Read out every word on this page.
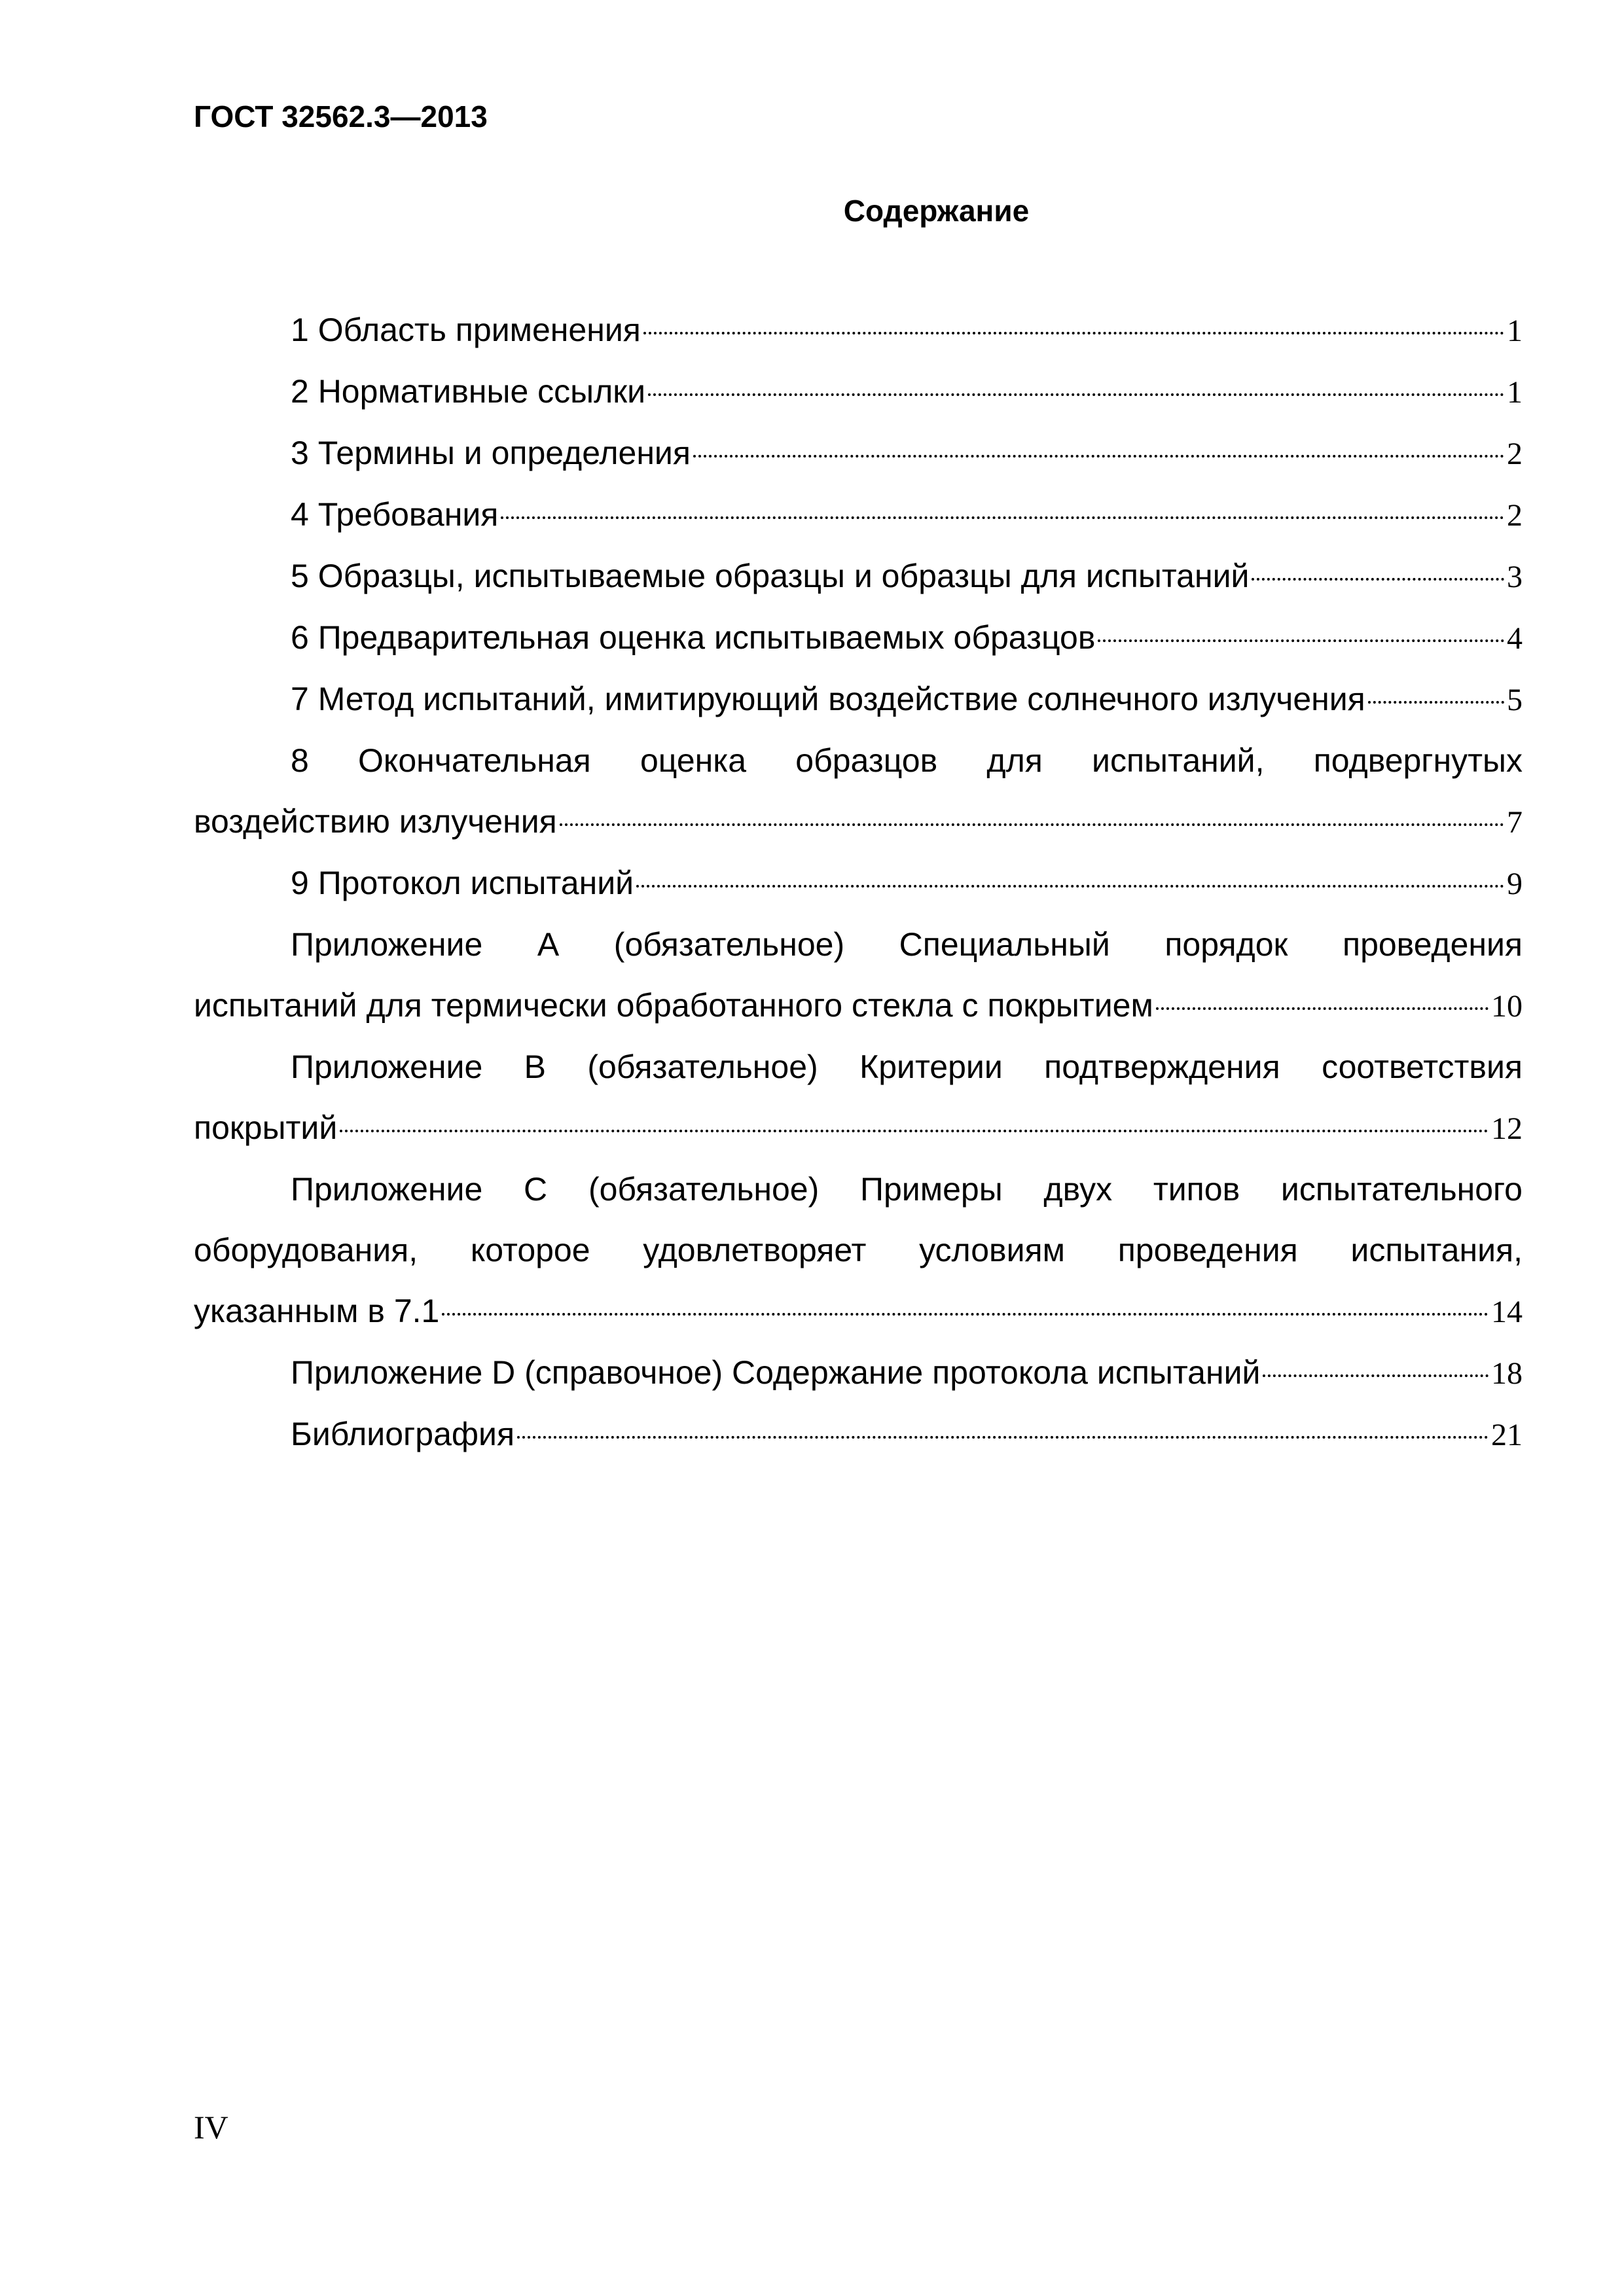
ГОСТ 32562.3—2013
Содержание
1 Область применения	1
2 Нормативные ссылки	1
3 Термины и определения	2
4 Требования	2
5 Образцы, испытываемые образцы и образцы для испытаний	3
6 Предварительная оценка испытываемых образцов	4
7 Метод испытаний, имитирующий воздействие солнечного излучения	5
8 Окончательная оценка образцов для испытаний, подвергнутых
воздействию излучения	7
9 Протокол испытаний	9
Приложение А (обязательное) Специальный порядок проведения
испытаний для термически обработанного стекла с покрытием	10
Приложение В (обязательное) Критерии подтверждения соответствия
покрытий	12
Приложение С (обязательное) Примеры двух типов испытательного
оборудования, которое удовлетворяет условиям проведения испытания,
указанным в 7.1	14
Приложение D (справочное) Содержание протокола испытаний	18
Библиография	21
IV
